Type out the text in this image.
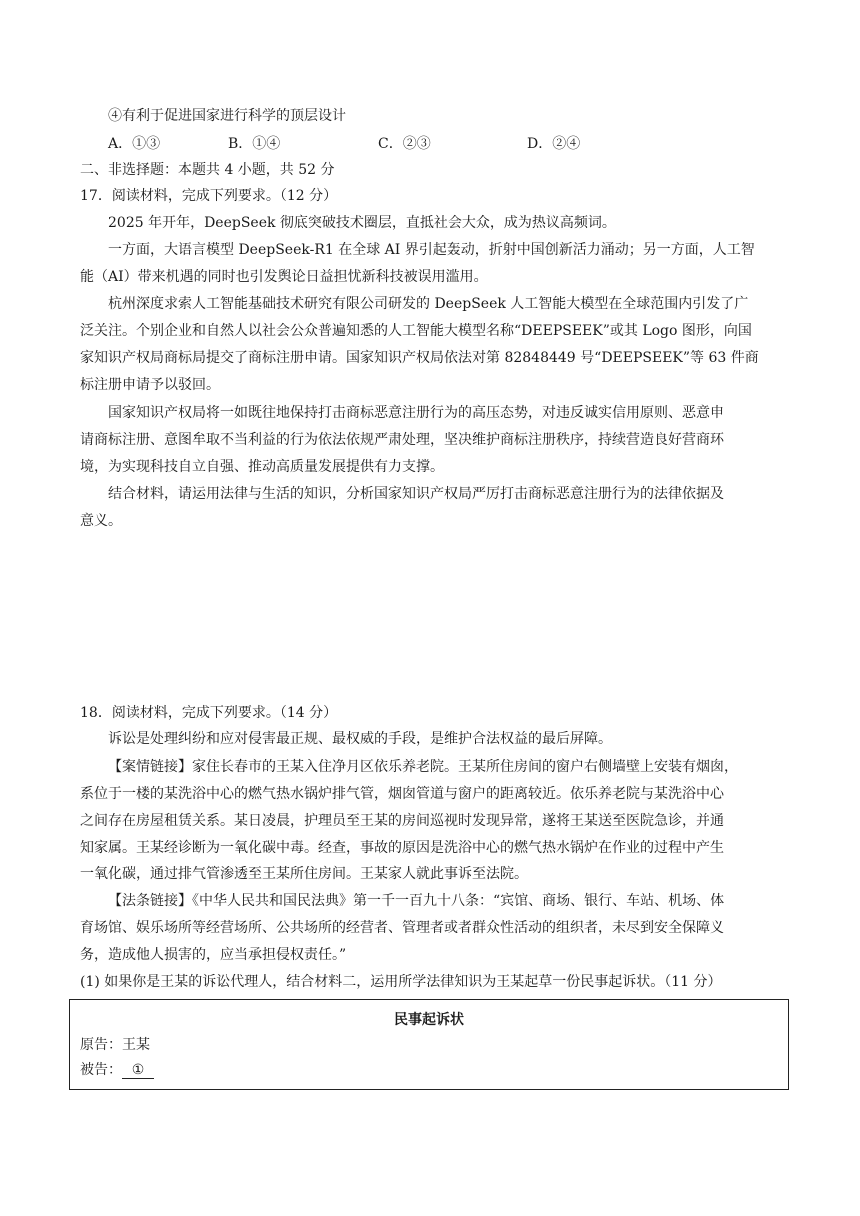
④有利于促进国家进行科学的顶层设计
A．①③	B．①④	C．②③	D．②④
二、非选择题：本题共 4 小题，共 52 分
17．阅读材料，完成下列要求。（12 分）
2025 年开年，DeepSeek 彻底突破技术圈层，直抵社会大众，成为热议高频词。
一方面，大语言模型 DeepSeek-R1 在全球 AI 界引起轰动，折射中国创新活力涌动；另一方面，人工智
能（AI）带来机遇的同时也引发舆论日益担忧新科技被误用滥用。
杭州深度求索人工智能基础技术研究有限公司研发的 DeepSeek 人工智能大模型在全球范围内引发了广
泛关注。个别企业和自然人以社会公众普遍知悉的人工智能大模型名称“DEEPSEEK”或其 Logo 图形，向国
家知识产权局商标局提交了商标注册申请。国家知识产权局依法对第 82848449 号“DEEPSEEK”等 63 件商
标注册申请予以驳回。
国家知识产权局将一如既往地保持打击商标恶意注册行为的高压态势，对违反诚实信用原则、恶意申
请商标注册、意图牟取不当利益的行为依法依规严肃处理，坚决维护商标注册秩序，持续营造良好营商环
境，为实现科技自立自强、推动高质量发展提供有力支撑。
结合材料，请运用法律与生活的知识，分析国家知识产权局严厉打击商标恶意注册行为的法律依据及
意义。
18．阅读材料，完成下列要求。（14 分）
诉讼是处理纠纷和应对侵害最正规、最权威的手段，是维护合法权益的最后屏障。
【案情链接】家住长春市的王某入住净月区依乐养老院。王某所住房间的窗户右侧墙壁上安装有烟囱，
系位于一楼的某洗浴中心的燃气热水锅炉排气管，烟囱管道与窗户的距离较近。依乐养老院与某洗浴中心
之间存在房屋租赁关系。某日凌晨，护理员至王某的房间巡视时发现异常，遂将王某送至医院急诊，并通
知家属。王某经诊断为一氧化碳中毒。经查，事故的原因是洗浴中心的燃气热水锅炉在作业的过程中产生
一氧化碳，通过排气管渗透至王某所住房间。王某家人就此事诉至法院。
【法条链接】《中华人民共和国民法典》第一千一百九十八条：“宾馆、商场、银行、车站、机场、体
育场馆、娱乐场所等经营场所、公共场所的经营者、管理者或者群众性活动的组织者，未尽到安全保障义
务，造成他人损害的，应当承担侵权责任。”
(1) 如果你是王某的诉讼代理人，结合材料二，运用所学法律知识为王某起草一份民事起诉状。（11 分）
民事起诉状
原告：王某
被告： ①
